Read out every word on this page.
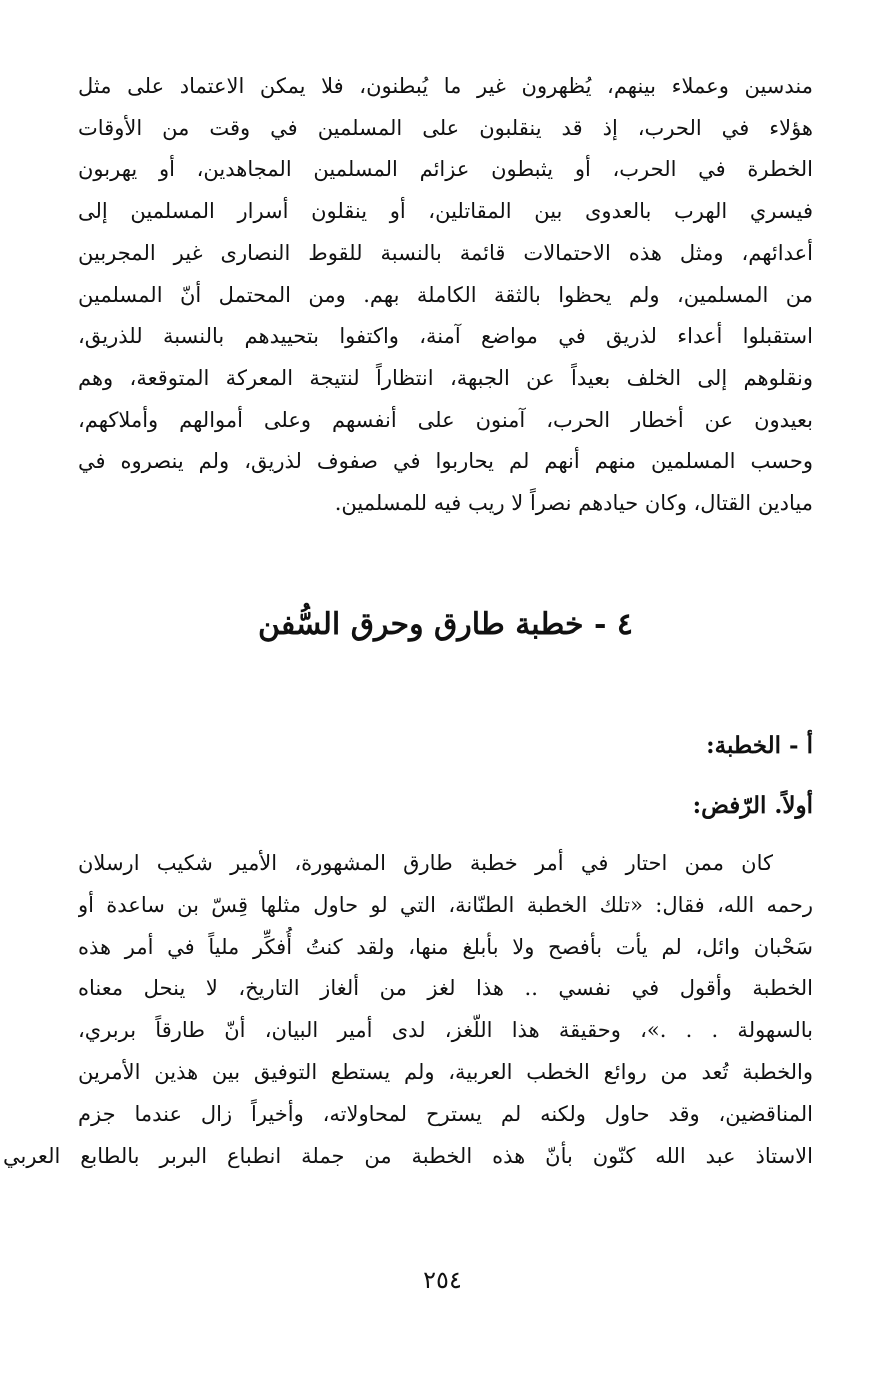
مندسين وعملاء بينهم، يُظهرون غير ما يُبطنون، فلا يمكن الاعتماد على مثل
هؤلاء في الحرب، إذ قد ينقلبون على المسلمين في وقت من الأوقات
الخطرة في الحرب، أو يثبطون عزائم المسلمين المجاهدين، أو يهربون
فيسري الهرب بالعدوى بين المقاتلين، أو ينقلون أسرار المسلمين إلى
أعدائهم، ومثل هذه الاحتمالات قائمة بالنسبة للقوط النصارى غير المجربين
من المسلمين، ولم يحظوا بالثقة الكاملة بهم. ومن المحتمل أنّ المسلمين
استقبلوا أعداء لذريق في مواضع آمنة، واكتفوا بتحييدهم بالنسبة للذريق،
ونقلوهم إلى الخلف بعيداً عن الجبهة، انتظاراً لنتيجة المعركة المتوقعة، وهم
بعيدون عن أخطار الحرب، آمنون على أنفسهم وعلى أموالهم وأملاكهم،
وحسب المسلمين منهم أنهم لم يحاربوا في صفوف لذريق، ولم ينصروه في
ميادين القتال، وكان حيادهم نصراً لا ريب فيه للمسلمين.
٤ - خطبة طارق وحرق السُّفن
أ - الخطبة:
أولاً. الرّفض:
كان ممن احتار في أمر خطبة طارق المشهورة، الأمير شكيب ارسلان
رحمه الله، فقال: «تلك الخطبة الطنّانة، التي لو حاول مثلها قِسّ بن ساعدة أو
سَحْبان وائل، لم يأت بأفصح ولا بأبلغ منها، ولقد كنتُ أُفكِّر ملياً في أمر هذه
الخطبة وأقول في نفسي .. هذا لغز من ألغاز التاريخ، لا ينحل معناه
بالسهولة . . .»، وحقيقة هذا اللّغز، لدى أمير البيان، أنّ طارقاً بربري،
والخطبة تُعد من روائع الخطب العربية، ولم يستطع التوفيق بين هذين الأمرين
المناقضين، وقد حاول ولكنه لم يسترح لمحاولاته، وأخيراً زال عندما جزم
الاستاذ عبد الله كنّون بأنّ هذه الخطبة من جملة انطباع البربر بالطابع العربي
٢٥٤
